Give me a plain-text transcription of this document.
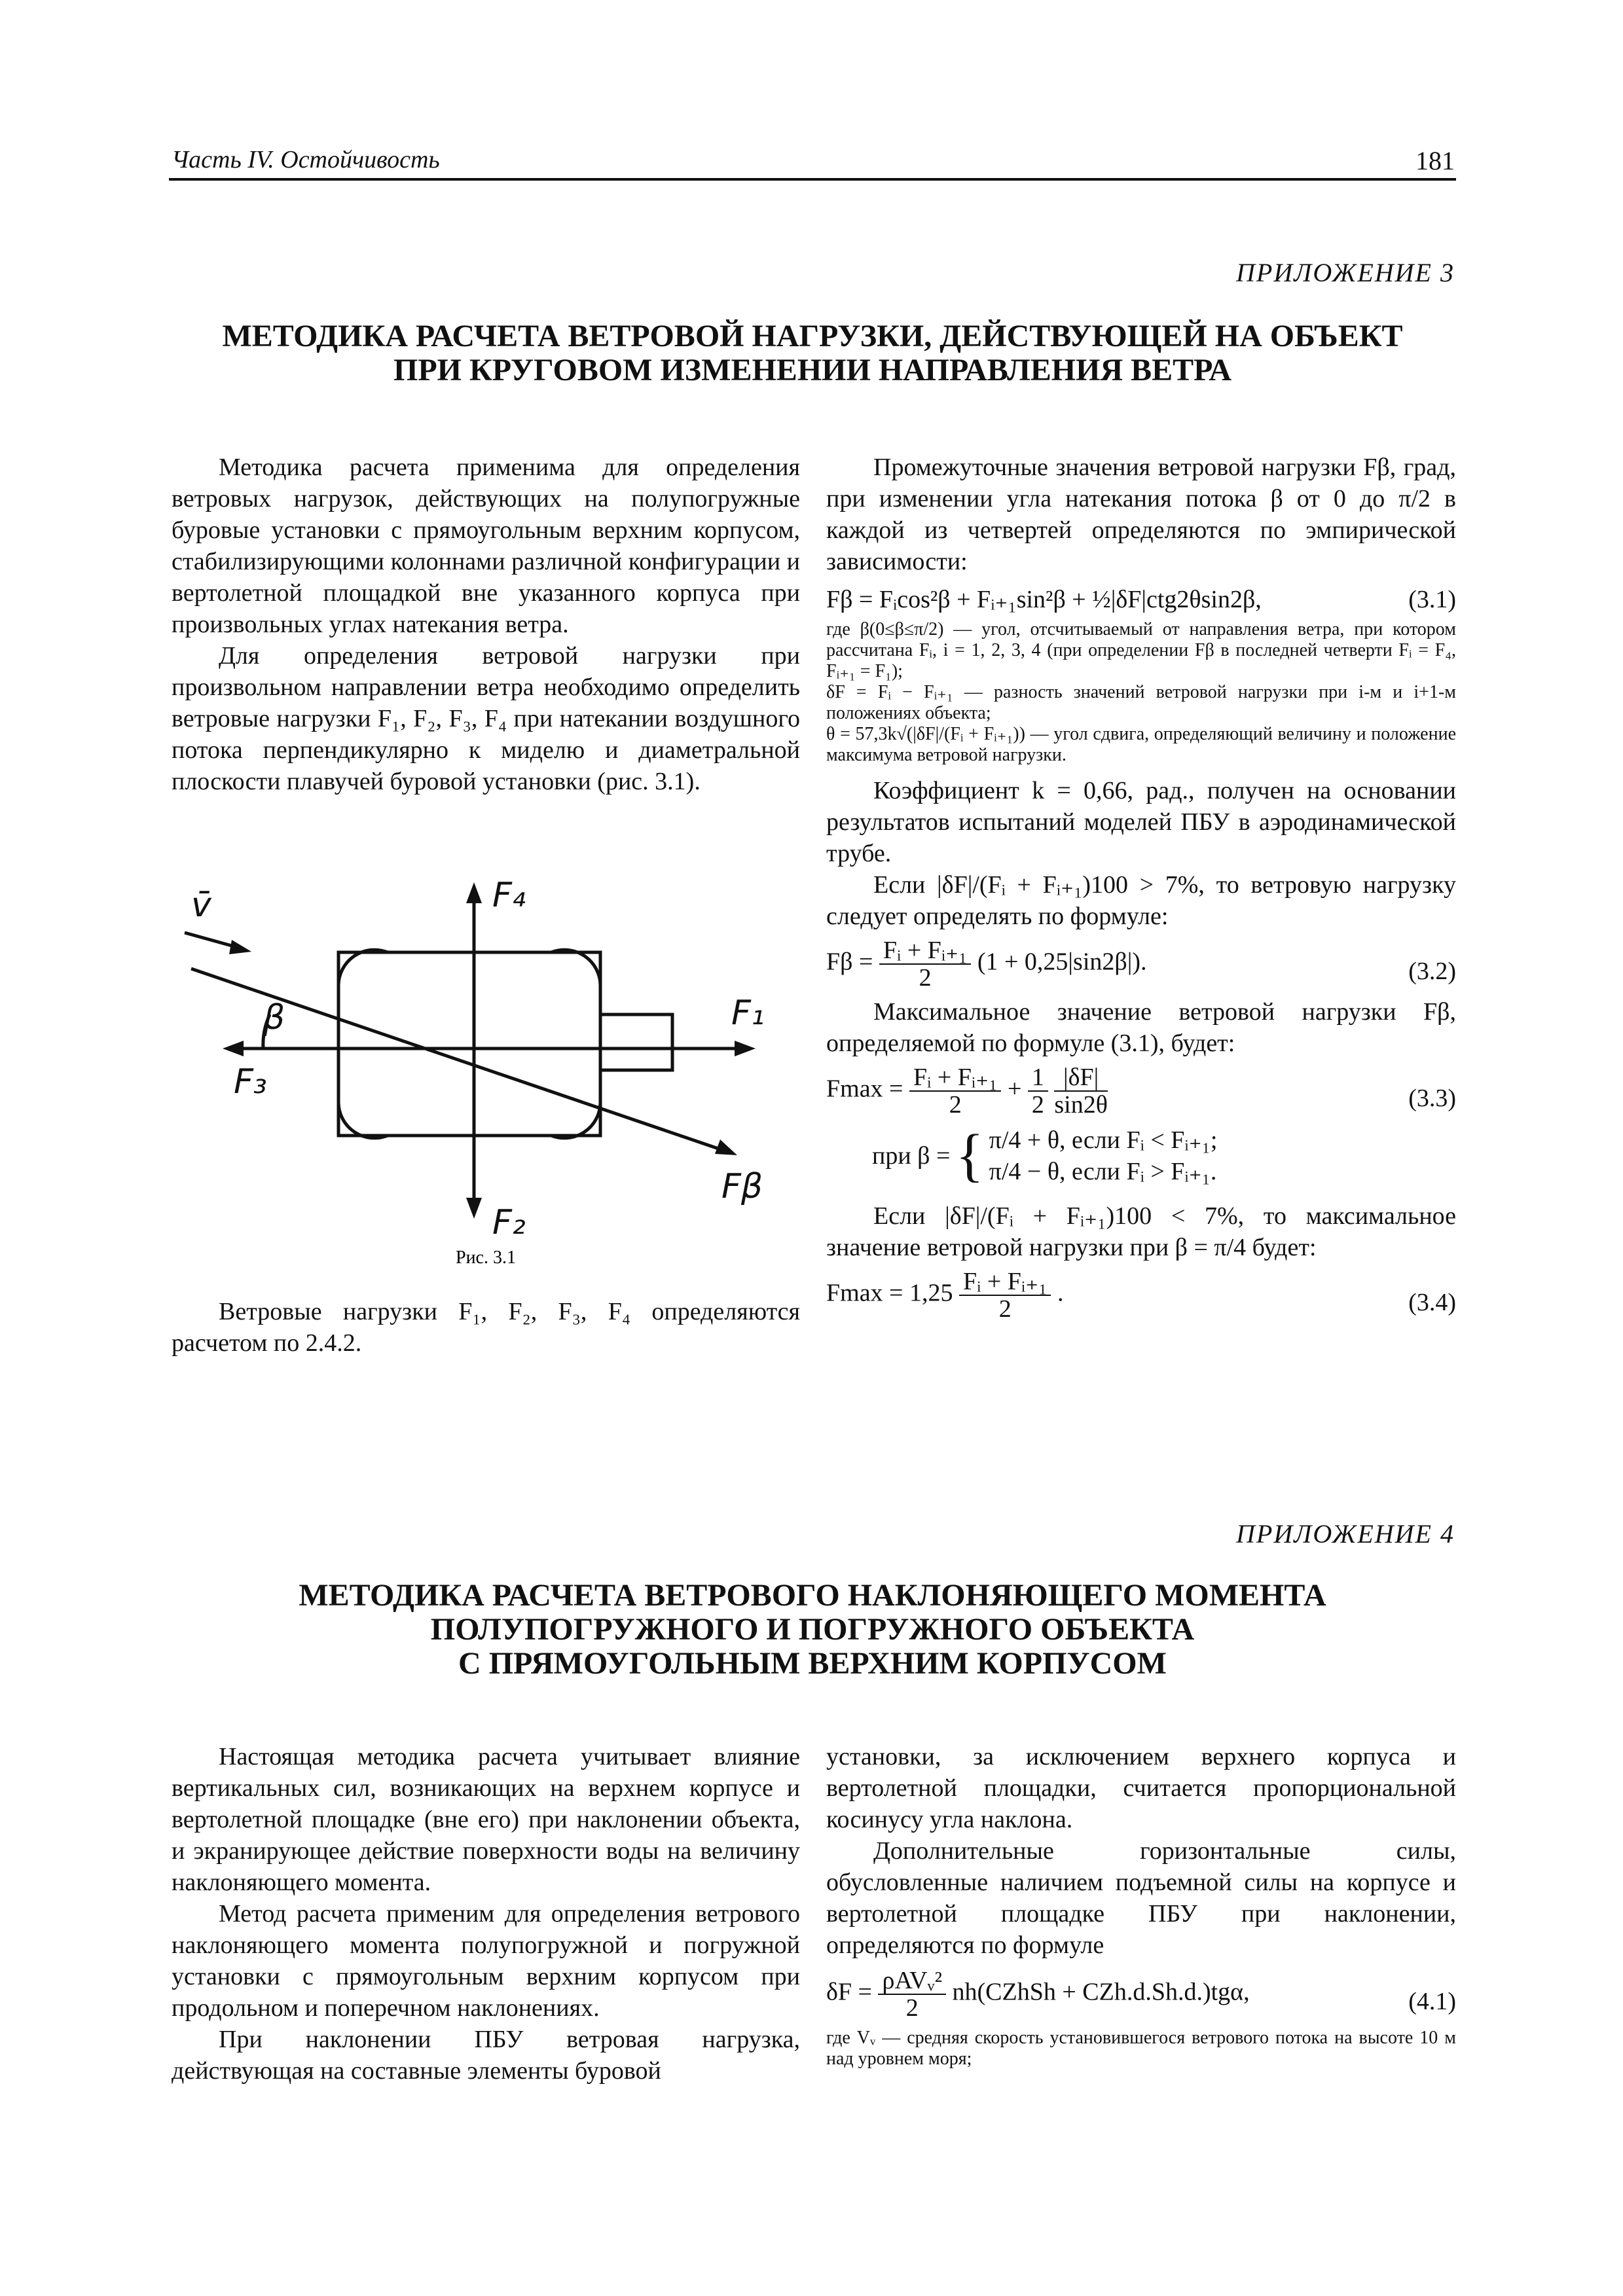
Часть IV. Остойчивость	181
ПРИЛОЖЕНИЕ 3
МЕТОДИКА РАСЧЕТА ВЕТРОВОЙ НАГРУЗКИ, ДЕЙСТВУЮЩЕЙ НА ОБЪЕКТ
ПРИ КРУГОВОМ ИЗМЕНЕНИИ НАПРАВЛЕНИЯ ВЕТРА

Методика расчета применима для определения ветровых нагрузок, действующих на полупогружные буровые установки с прямоугольным верхним корпусом, стабилизирующими колоннами различной конфигурации и вертолетной площадкой вне указанного корпуса при произвольных углах натекания ветра.

Для определения ветровой нагрузки при произвольном направлении ветра необходимо определить ветровые нагрузки F₁, F₂, F₃, F₄ при натекании воздушного потока перпендикулярно к миделю и диаметральной плоскости плавучей буровой установки (рис. 3.1).

v̄	F₄
F₁
F₃
F₂
Fβ
β
Рис. 3.1

Ветровые нагрузки F₁, F₂, F₃, F₄ определяются расчетом по 2.4.2.

Промежуточные значения ветровой нагрузки Fβ, град, при изменении угла натекания потока β от 0 до π/2 в каждой из четвертей определяются по эмпирической зависимости:

Fβ = Fᵢcos²β + Fᵢ₊₁sin²β + ½|δF|ctg2θsin2β,	(3.1)
где β(0≤β≤π/2) — угол, отсчитываемый от направления ветра, при котором рассчитана Fᵢ, i = 1, 2, 3, 4 (при определении Fβ в последней четверти Fᵢ = F₄, Fᵢ₊₁ = F₁);
δF = Fᵢ − Fᵢ₊₁ — разность значений ветровой нагрузки при i-м и i+1-м положениях объекта;
θ = 57,3k√(|δF|/(Fᵢ + Fᵢ₊₁)) — угол сдвига, определяющий величину и положение максимума ветровой нагрузки.

Коэффициент k = 0,66, рад., получен на основании результатов испытаний моделей ПБУ в аэродинамической трубе.

Если |δF|/(Fᵢ + Fᵢ₊₁)100 > 7%, то ветровую нагрузку следует определять по формуле:

$F\beta = \frac{\text{Fᵢ + Fᵢ₊₁}}{2} (1 + 0,25|\sin 2\beta|)$.	(3.2)

Максимальное значение ветровой нагрузки Fβ, определяемой по формуле (3.1), будет:

$Fmax = \frac{\text{Fᵢ + Fᵢ₊₁}}{2} + \frac{1}{2}$
$\frac{|\delta F|}{\sin 2\theta}$	(3.3)
при β = { π/4 + θ, если Fᵢ < Fᵢ₊₁;
π/4 − θ, если Fᵢ > Fᵢ₊₁.

Если |δF|/(Fᵢ + Fᵢ₊₁)100 < 7%, то максимальное значение ветровой нагрузки при β = π/4 будет:

$Fmax = 1,25 \frac{\text{Fᵢ + Fᵢ₊₁}}{2}$ .	(3.4)
ПРИЛОЖЕНИЕ 4
МЕТОДИКА РАСЧЕТА ВЕТРОВОГО НАКЛОНЯЮЩЕГО МОМЕНТА
ПОЛУПОГРУЖНОГО И ПОГРУЖНОГО ОБЪЕКТА
С ПРЯМОУГОЛЬНЫМ ВЕРХНИМ КОРПУСОМ

Настоящая методика расчета учитывает влияние вертикальных сил, возникающих на верхнем корпусе и вертолетной площадке (вне его) при наклонении объекта, и экранирующее действие поверхности воды на величину наклоняющего момента.

Метод расчета применим для определения ветрового наклоняющего момента полупогружной и погружной установки с прямоугольным верхним корпусом при продольном и поперечном наклонениях.

При наклонении ПБУ ветровая нагрузка, действующая на составные элементы буровой

установки, за исключением верхнего корпуса и вертолетной площадки, считается пропорциональной косинусу угла наклона.

Дополнительные горизонтальные силы, обусловленные наличием подъемной силы на корпусе и вертолетной площадке ПБУ при наклонении, определяются по формуле

$\delta F = \frac{\text{ρAVᵥ²}}{2}$ nh(CZhSh + CZh.d.Sh.d.)tgα,	(4.1)
где Vᵥ — средняя скорость установившегося ветрового потока на высоте 10 м над уровнем моря;
